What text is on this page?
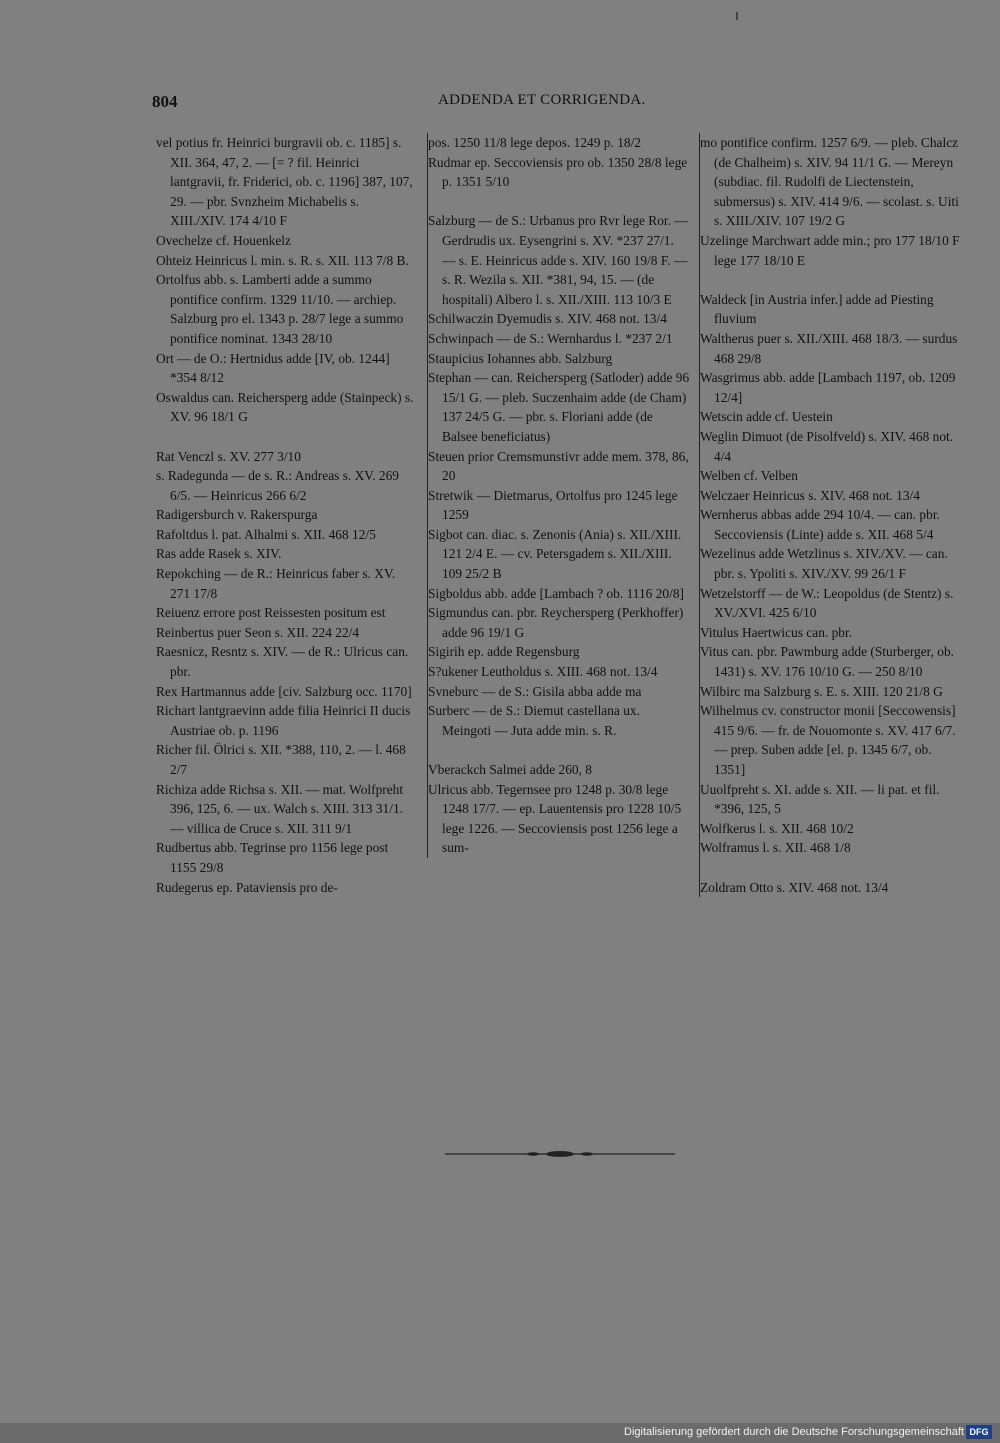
804	ADDENDA ET CORRIGENDA.

vel potius fr. Heinrici burgravii ob. c. 1185] s. XII. 364, 47, 2. — [= ? fil. Heinrici lantgravii, fr. Friderici, ob. c. 1196] 387, 107, 29. — pbr. Svnzheim Michabelis s. XIII./XIV. 174 4/10 F

Ovechelze cf. Houenkelz

Ohteiz Heinricus l. min. s. R. s. XII. 113 7/8 B.

Ortolfus abb. s. Lamberti adde a summo pontifice confirm. 1329 11/10. — archiep. Salzburg pro el. 1343 p. 28/7 lege a summo pontifice nominat. 1343 28/10

Ort — de O.: Hertnidus adde [IV, ob. 1244] *354 8/12

Oswaldus can. Reichersperg adde (Stainpeck) s. XV. 96 18/1 G

Rat Venczl s. XV. 277 3/10

s. Radegunda — de s. R.: Andreas s. XV. 269 6/5. — Heinricus 266 6/2

Radigersburch v. Rakerspurga

Rafoltdus l. pat. Alhalmi s. XII. 468 12/5

Ras adde Rasek s. XIV.

Repokching — de R.: Heinricus faber s. XV. 271 17/8

Reiuenz errore post Reissesten positum est

Reinbertus puer Seon s. XII. 224 22/4

Raesnicz, Resntz s. XIV. — de R.: Ulricus can. pbr.

Rex Hartmannus adde [civ. Salzburg occ. 1170]

Richart lantgraevinn adde filia Heinrici II ducis Austriae ob. p. 1196

Richer fil. Ölrici s. XII. *388, 110, 2. — l. 468 2/7

Richiza adde Richsa s. XII. — mat. Wolfpreht 396, 125, 6. — ux. Walch s. XIII. 313 31/1. — villica de Cruce s. XII. 311 9/1

Rudbertus abb. Tegrinse pro 1156 lege post 1155 29/8

Rudegerus ep. Pataviensis pro de-

pos. 1250 11/8 lege depos. 1249 p. 18/2

Rudmar ep. Seccoviensis pro ob. 1350 28/8 lege p. 1351 5/10

Salzburg — de S.: Urbanus pro Rvr lege Ror. — Gerdrudis ux. Eysengrini s. XV. *237 27/1. — s. E. Heinricus adde s. XIV. 160 19/8 F. — s. R. Wezila s. XII. *381, 94, 15. — (de hospitali) Albero l. s. XII./XIII. 113 10/3 E

Schilwaczin Dyemudis s. XIV. 468 not. 13/4

Schwinpach — de S.: Wernhardus l. *237 2/1

Staupicius Iohannes abb. Salzburg

Stephan — can. Reichersperg (Satloder) adde 96 15/1 G. — pleb. Suczenhaim adde (de Cham) 137 24/5 G. — pbr. s. Floriani adde (de Balsee beneficiatus)

Steuen prior Cremsmunstivr adde mem. 378, 86, 20

Stretwik — Dietmarus, Ortolfus pro 1245 lege 1259

Sigbot can. diac. s. Zenonis (Ania) s. XII./XIII. 121 2/4 E. — cv. Petersgadem s. XII./XIII. 109 25/2 B

Sigboldus abb. adde [Lambach ? ob. 1116 20/8]

Sigmundus can. pbr. Reychersperg (Perkhoffer) adde 96 19/1 G

Sigirih ep. adde Regensburg

S?ukener Leutholdus s. XIII. 468 not. 13/4

Svneburc — de S.: Gisila abba adde ma

Surberc — de S.: Diemut castellana ux. Meingoti — Juta adde min. s. R.

Vberackch Salmei adde 260, 8

Ulricus abb. Tegernsee pro 1248 p. 30/8 lege 1248 17/7. — ep. Lauentensis pro 1228 10/5 lege 1226. — Seccoviensis post 1256 lege a sum-

mo pontifice confirm. 1257 6/9. — pleb. Chalcz (de Chalheim) s. XIV. 94 11/1 G. — Mereyn (subdiac. fil. Rudolfi de Liectenstein, submersus) s. XIV. 414 9/6. — scolast. s. Uiti s. XIII./XIV. 107 19/2 G

Uzelinge Marchwart adde min.; pro 177 18/10 F lege 177 18/10 E

Waldeck [in Austria infer.] adde ad Piesting fluvium

Waltherus puer s. XII./XIII. 468 18/3. — surdus 468 29/8

Wasgrimus abb. adde [Lambach 1197, ob. 1209 12/4]

Wetscin adde cf. Uestein

Weglin Dimuot (de Pisolfveld) s. XIV. 468 not. 4/4

Welben cf. Velben

Welczaer Heinricus s. XIV. 468 not. 13/4

Wernherus abbas adde 294 10/4. — can. pbr. Seccoviensis (Linte) adde s. XII. 468 5/4

Wezelinus adde Wetzlinus s. XIV./XV. — can. pbr. s. Ypoliti s. XIV./XV. 99 26/1 F

Wetzelstorff — de W.: Leopoldus (de Stentz) s. XV./XVI. 425 6/10

Vitulus Haertwicus can. pbr.

Vitus can. pbr. Pawmburg adde (Sturberger, ob. 1431) s. XV. 176 10/10 G. — 250 8/10

Wilbirc ma Salzburg s. E. s. XIII. 120 21/8 G

Wilhelmus cv. constructor monii [Seccowensis] 415 9/6. — fr. de Nouomonte s. XV. 417 6/7. — prep. Suben adde [el. p. 1345 6/7, ob. 1351]

Uuolfpreht s. XI. adde s. XII. — li pat. et fil. *396, 125, 5

Wolfkerus l. s. XII. 468 10/2

Wolframus l. s. XII. 468 1/8

Zoldram Otto s. XIV. 468 not. 13/4

Digitalisierung gefördert durch die Deutsche Forschungsgemeinschaft DFG
